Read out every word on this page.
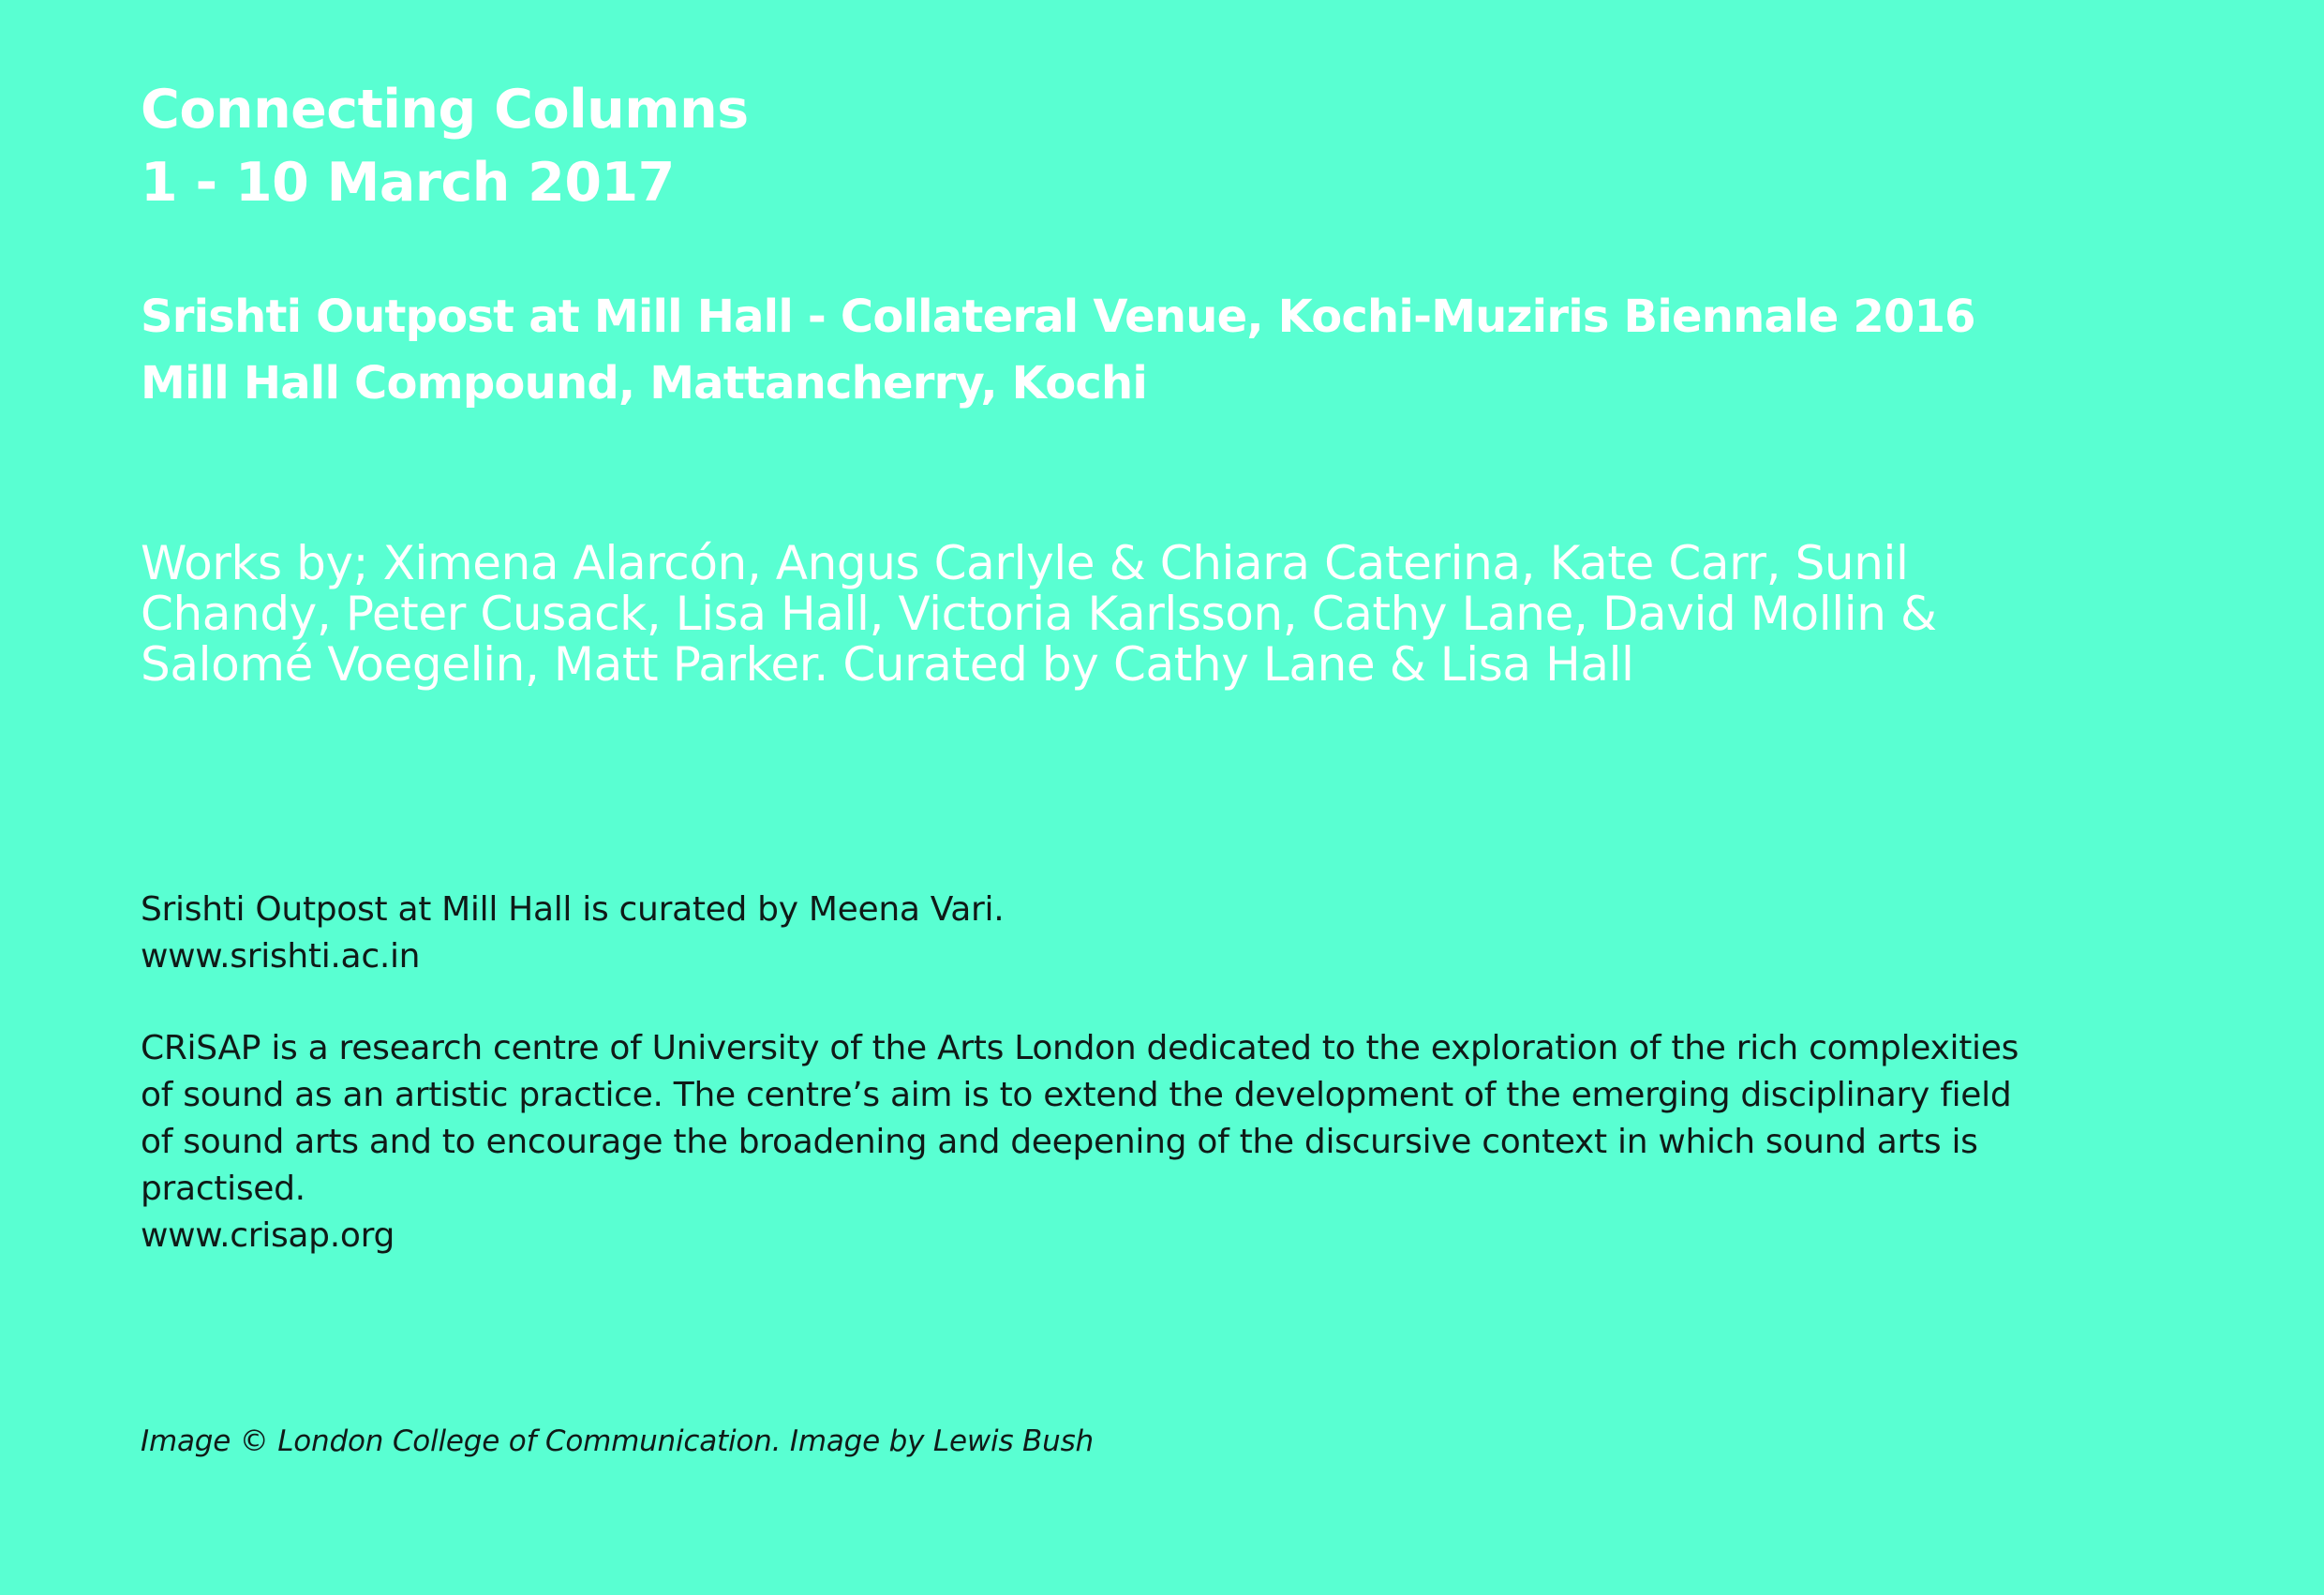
Connecting Columns
1 - 10 March 2017
Srishti Outpost at Mill Hall - Collateral Venue, Kochi-Muziris Biennale 2016
Mill Hall Compound, Mattancherry, Kochi
Works by; Ximena Alarcón, Angus Carlyle & Chiara Caterina, Kate Carr, Sunil
Chandy, Peter Cusack, Lisa Hall, Victoria Karlsson, Cathy Lane, David Mollin &
Salomé Voegelin, Matt Parker. Curated by Cathy Lane & Lisa Hall
Srishti Outpost at Mill Hall is curated by Meena Vari.
www.srishti.ac.in
CRiSAP is a research centre of University of the Arts London dedicated to the exploration of the rich complexities
of sound as an artistic practice. The centre’s aim is to extend the development of the emerging disciplinary field
of sound arts and to encourage the broadening and deepening of the discursive context in which sound arts is
practised.
www.crisap.org
Image © London College of Communication. Image by Lewis Bush
